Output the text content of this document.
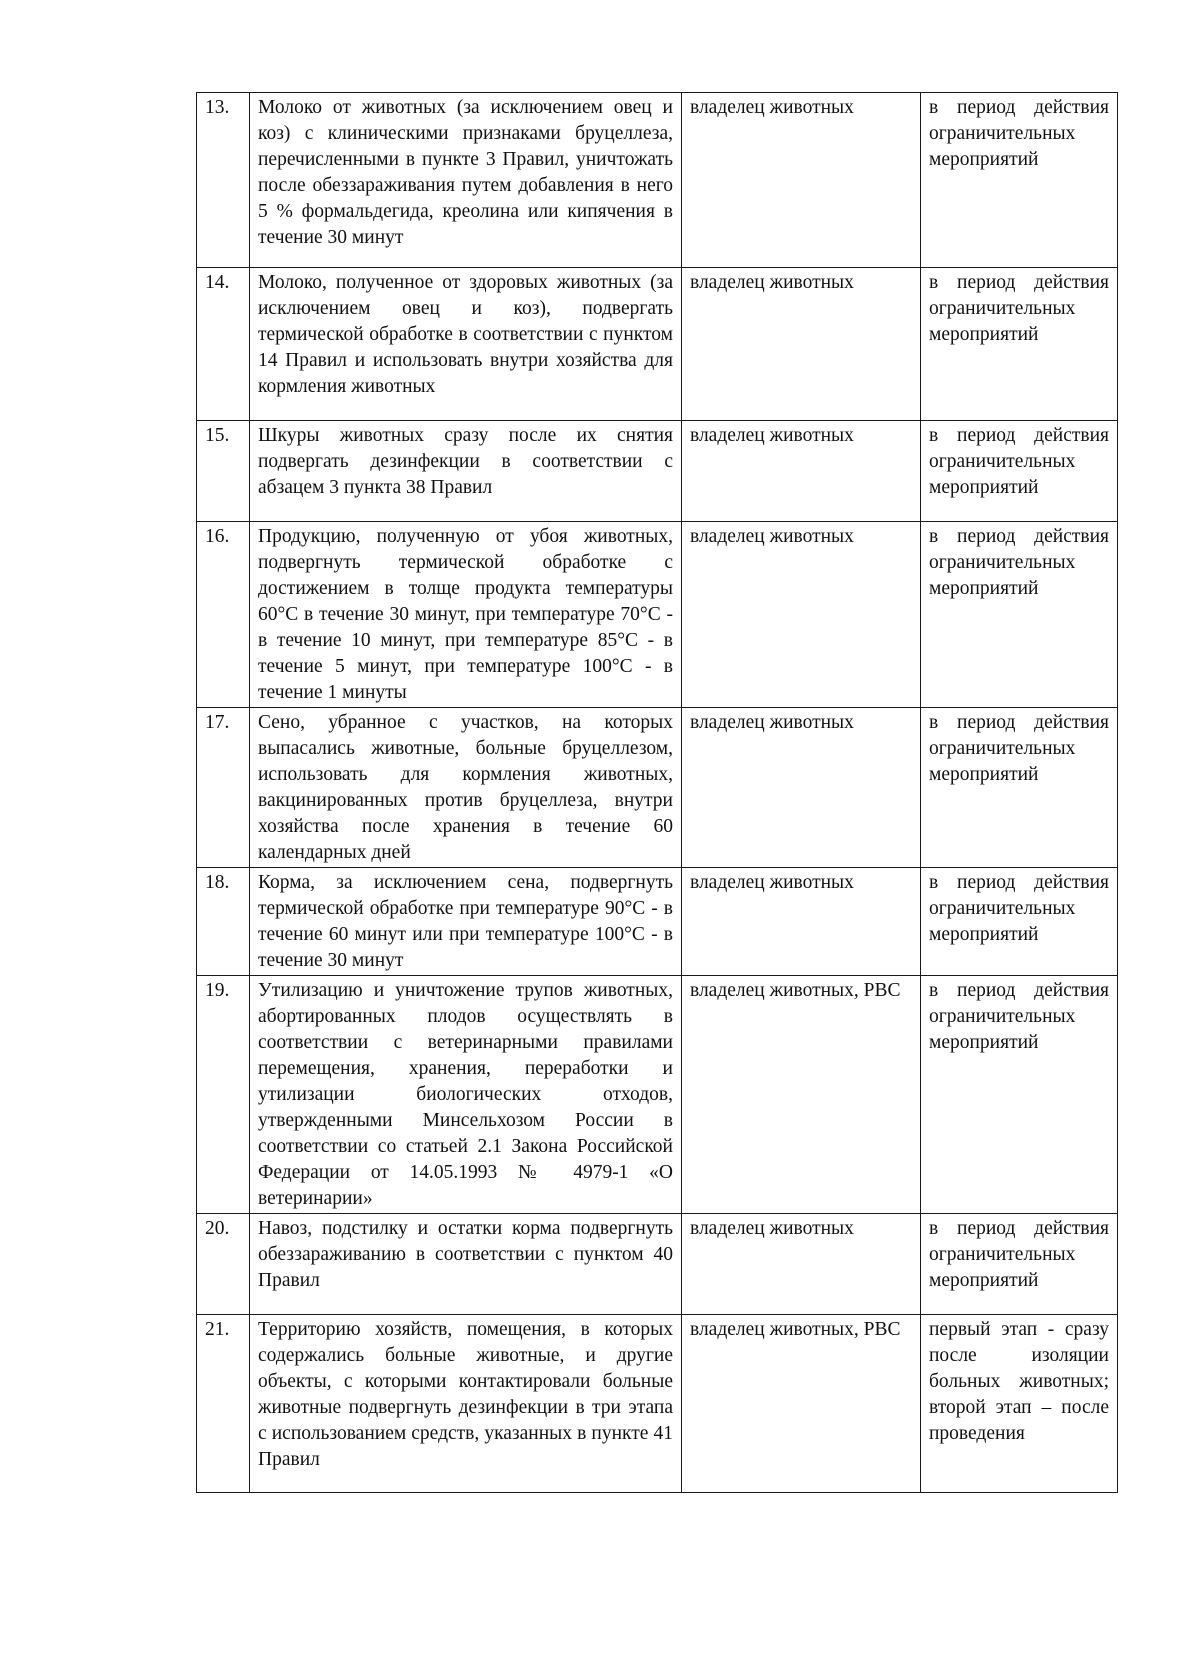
13.	Молоко от животных (за исключением овец и коз) с клиническими признаками бруцеллеза, перечисленными в пункте 3 Правил, уничтожать после обеззараживания путем добавления в него 5 % формальдегида, креолина или кипячения в течение 30 минут	владелец животных	в период действия ограничительных мероприятий
14.	Молоко, полученное от здоровых животных (за исключением овец и коз), подвергать термической обработке в соответствии с пунктом 14 Правил и использовать внутри хозяйства для кормления животных	владелец животных	в период действия ограничительных мероприятий
15.	Шкуры животных сразу после их снятия подвергать дезинфекции в соответствии с абзацем 3 пункта 38 Правил	владелец животных	в период действия ограничительных мероприятий
16.	Продукцию, полученную от убоя животных, подвергнуть термической обработке с достижением в толще продукта температуры 60°С в течение 30 минут, при температуре 70°С - в течение 10 минут, при температуре 85°С - в течение 5 минут, при температуре 100°С - в течение 1 минуты	владелец животных	в период действия ограничительных мероприятий
17.	Сено, убранное с участков, на которых выпасались животные, больные бруцеллезом, использовать для кормления животных, вакцинированных против бруцеллеза, внутри хозяйства после хранения в течение 60 календарных дней	владелец животных	в период действия ограничительных мероприятий
18.	Корма, за исключением сена, подвергнуть термической обработке при температуре 90°С - в течение 60 минут или при температуре 100°С - в течение 30 минут	владелец животных	в период действия ограничительных мероприятий
19.	Утилизацию и уничтожение трупов животных, абортированных плодов осуществлять в соответствии с ветеринарными правилами перемещения, хранения, переработки и утилизации биологических отходов, утвержденными Минсельхозом России в соответствии со статьей 2.1 Закона Российской Федерации от 14.05.1993 № 4979-1 «О ветеринарии»	владелец животных, РВС	в период действия ограничительных мероприятий
20.	Навоз, подстилку и остатки корма подвергнуть обеззараживанию в соответствии с пунктом 40 Правил	владелец животных	в период действия ограничительных мероприятий
21.	Территорию хозяйств, помещения, в которых содержались больные животные, и другие объекты, с которыми контактировали больные животные подвергнуть дезинфекции в три этапа с использованием средств, указанных в пункте 41 Правил	владелец животных, РВС	первый этап - сразу после изоляции больных животных; второй этап – после проведения
